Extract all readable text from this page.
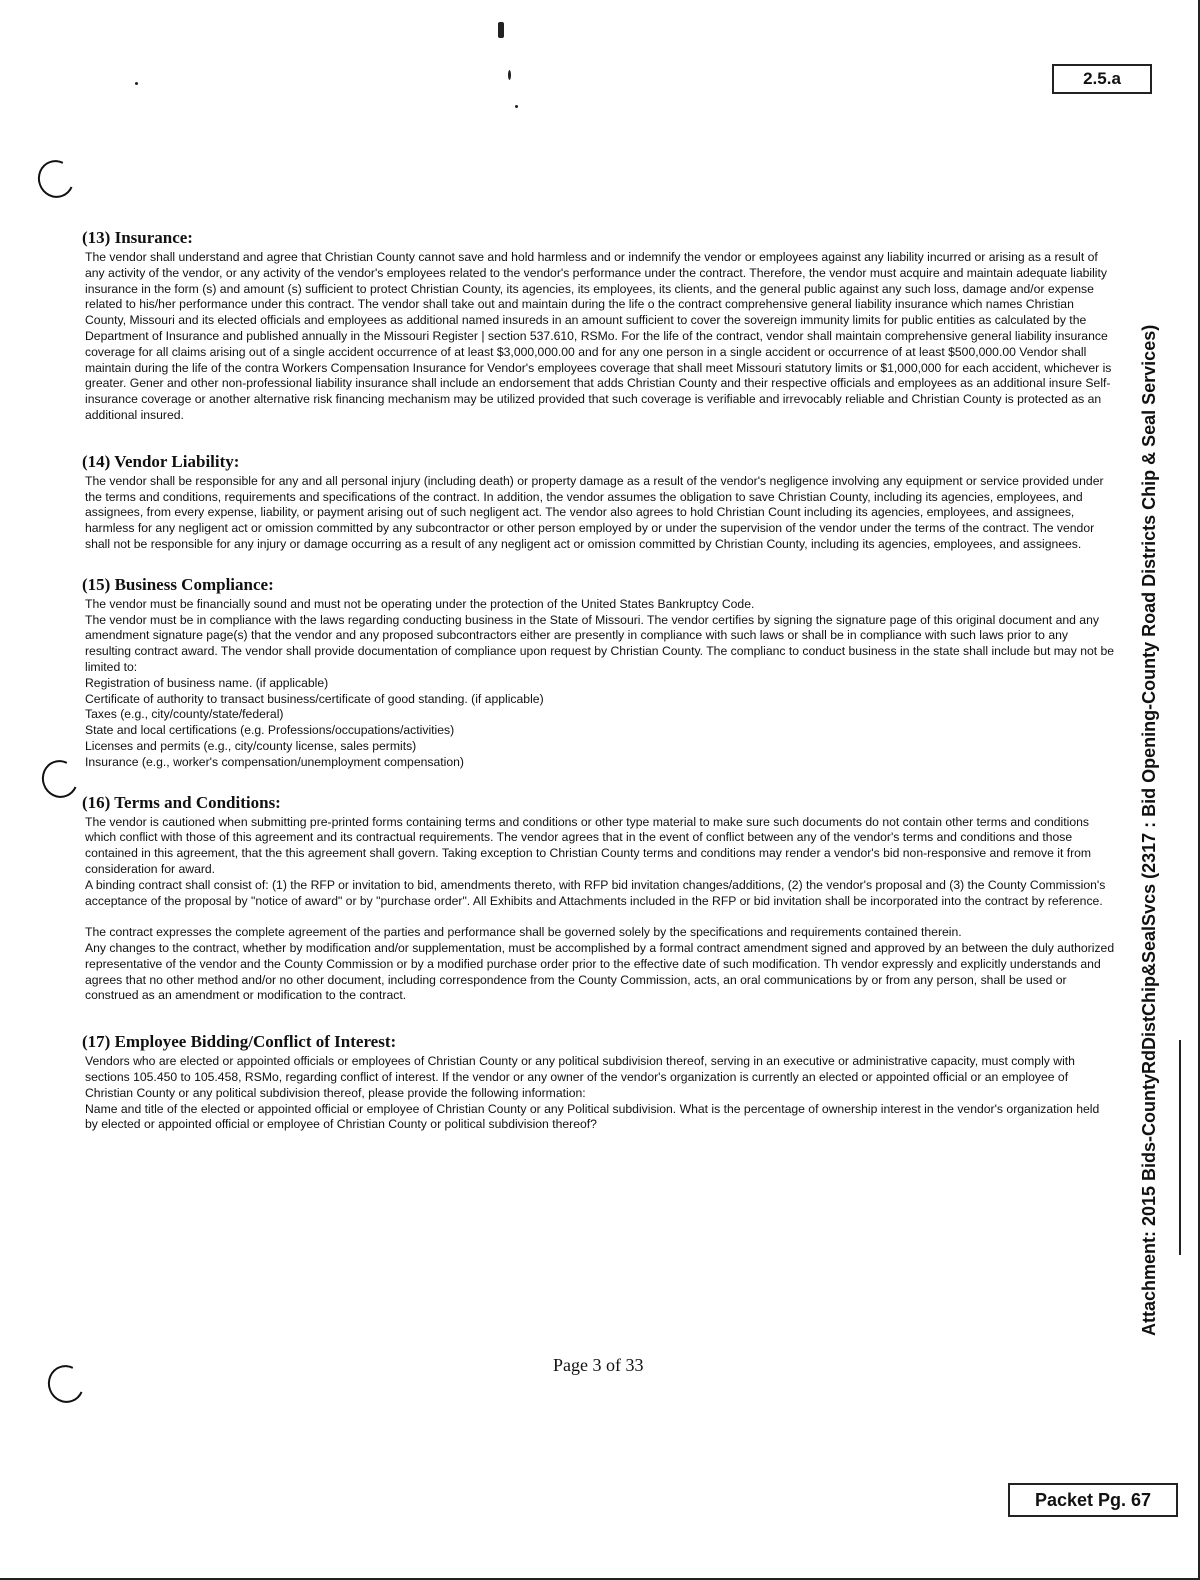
2.5.a
Attachment: 2015 Bids-CountyRdDistChip&SealSvcs (2317 : Bid Opening-County Road Districts Chip & Seal Services)
(13) Insurance:

The vendor shall understand and agree that Christian County cannot save and hold harmless and or indemnify the vendor or employees against any liability incurred or arising as a result of any activity of the vendor, or any activity of the vendor's employees related to the vendor's performance under the contract. Therefore, the vendor must acquire and maintain adequate liability insurance in the form (s) and amount (s) sufficient to protect Christian County, its agencies, its employees, its clients, and the general public against any such loss, damage and/or expense related to his/her performance under this contract. The vendor shall take out and maintain during the life o the contract comprehensive general liability insurance which names Christian County, Missouri and its elected officials and employees as additional named insureds in an amount sufficient to cover the sovereign immunity limits for public entities as calculated by the Department of Insurance and published annually in the Missouri Register | section 537.610, RSMo. For the life of the contract, vendor shall maintain comprehensive general liability insurance coverage for all claims arising out of a single accident occurrence of at least $3,000,000.00 and for any one person in a single accident or occurrence of at least $500,000.00 Vendor shall maintain during the life of the contra Workers Compensation Insurance for Vendor's employees coverage that shall meet Missouri statutory limits or $1,000,000 for each accident, whichever is greater. Gener and other non-professional liability insurance shall include an endorsement that adds Christian County and their respective officials and employees as an additional insure Self-insurance coverage or another alternative risk financing mechanism may be utilized provided that such coverage is verifiable and irrevocably reliable and Christian County is protected as an additional insured.

(14) Vendor Liability:

The vendor shall be responsible for any and all personal injury (including death) or property damage as a result of the vendor's negligence involving any equipment or service provided under the terms and conditions, requirements and specifications of the contract. In addition, the vendor assumes the obligation to save Christian County, including its agencies, employees, and assignees, from every expense, liability, or payment arising out of such negligent act. The vendor also agrees to hold Christian Count including its agencies, employees, and assignees, harmless for any negligent act or omission committed by any subcontractor or other person employed by or under the supervision of the vendor under the terms of the contract. The vendor shall not be responsible for any injury or damage occurring as a result of any negligent act or omission committed by Christian County, including its agencies, employees, and assignees.

(15) Business Compliance:

The vendor must be financially sound and must not be operating under the protection of the United States Bankruptcy Code.

The vendor must be in compliance with the laws regarding conducting business in the State of Missouri. The vendor certifies by signing the signature page of this original document and any amendment signature page(s) that the vendor and any proposed subcontractors either are presently in compliance with such laws or shall be in compliance with such laws prior to any resulting contract award. The vendor shall provide documentation of compliance upon request by Christian County. The complianc to conduct business in the state shall include but may not be limited to:

Registration of business name. (if applicable)
Certificate of authority to transact business/certificate of good standing. (if applicable)
Taxes (e.g., city/county/state/federal)
State and local certifications (e.g. Professions/occupations/activities)
Licenses and permits (e.g., city/county license, sales permits)
Insurance (e.g., worker's compensation/unemployment compensation)
(16) Terms and Conditions:

The vendor is cautioned when submitting pre-printed forms containing terms and conditions or other type material to make sure such documents do not contain other terms and conditions which conflict with those of this agreement and its contractual requirements. The vendor agrees that in the event of conflict between any of the vendor's terms and conditions and those contained in this agreement, that the this agreement shall govern. Taking exception to Christian County terms and conditions may render a vendor's bid non-responsive and remove it from consideration for award.

A binding contract shall consist of: (1) the RFP or invitation to bid, amendments thereto, with RFP bid invitation changes/additions, (2) the vendor's proposal and (3) the County Commission's acceptance of the proposal by "notice of award" or by "purchase order". All Exhibits and Attachments included in the RFP or bid invitation shall be incorporated into the contract by reference.

The contract expresses the complete agreement of the parties and performance shall be governed solely by the specifications and requirements contained therein.

Any changes to the contract, whether by modification and/or supplementation, must be accomplished by a formal contract amendment signed and approved by an between the duly authorized representative of the vendor and the County Commission or by a modified purchase order prior to the effective date of such modification. Th vendor expressly and explicitly understands and agrees that no other method and/or no other document, including correspondence from the County Commission, acts, an oral communications by or from any person, shall be used or construed as an amendment or modification to the contract.

(17) Employee Bidding/Conflict of Interest:

Vendors who are elected or appointed officials or employees of Christian County or any political subdivision thereof, serving in an executive or administrative capacity, must comply with sections 105.450 to 105.458, RSMo, regarding conflict of interest. If the vendor or any owner of the vendor's organization is currently an elected or appointed official or an employee of Christian County or any political subdivision thereof, please provide the following information:

Name and title of the elected or appointed official or employee of Christian County or any Political subdivision. What is the percentage of ownership interest in the vendor's organization held by elected or appointed official or employee of Christian County or political subdivision thereof?

Page 3 of 33
Packet Pg. 67
